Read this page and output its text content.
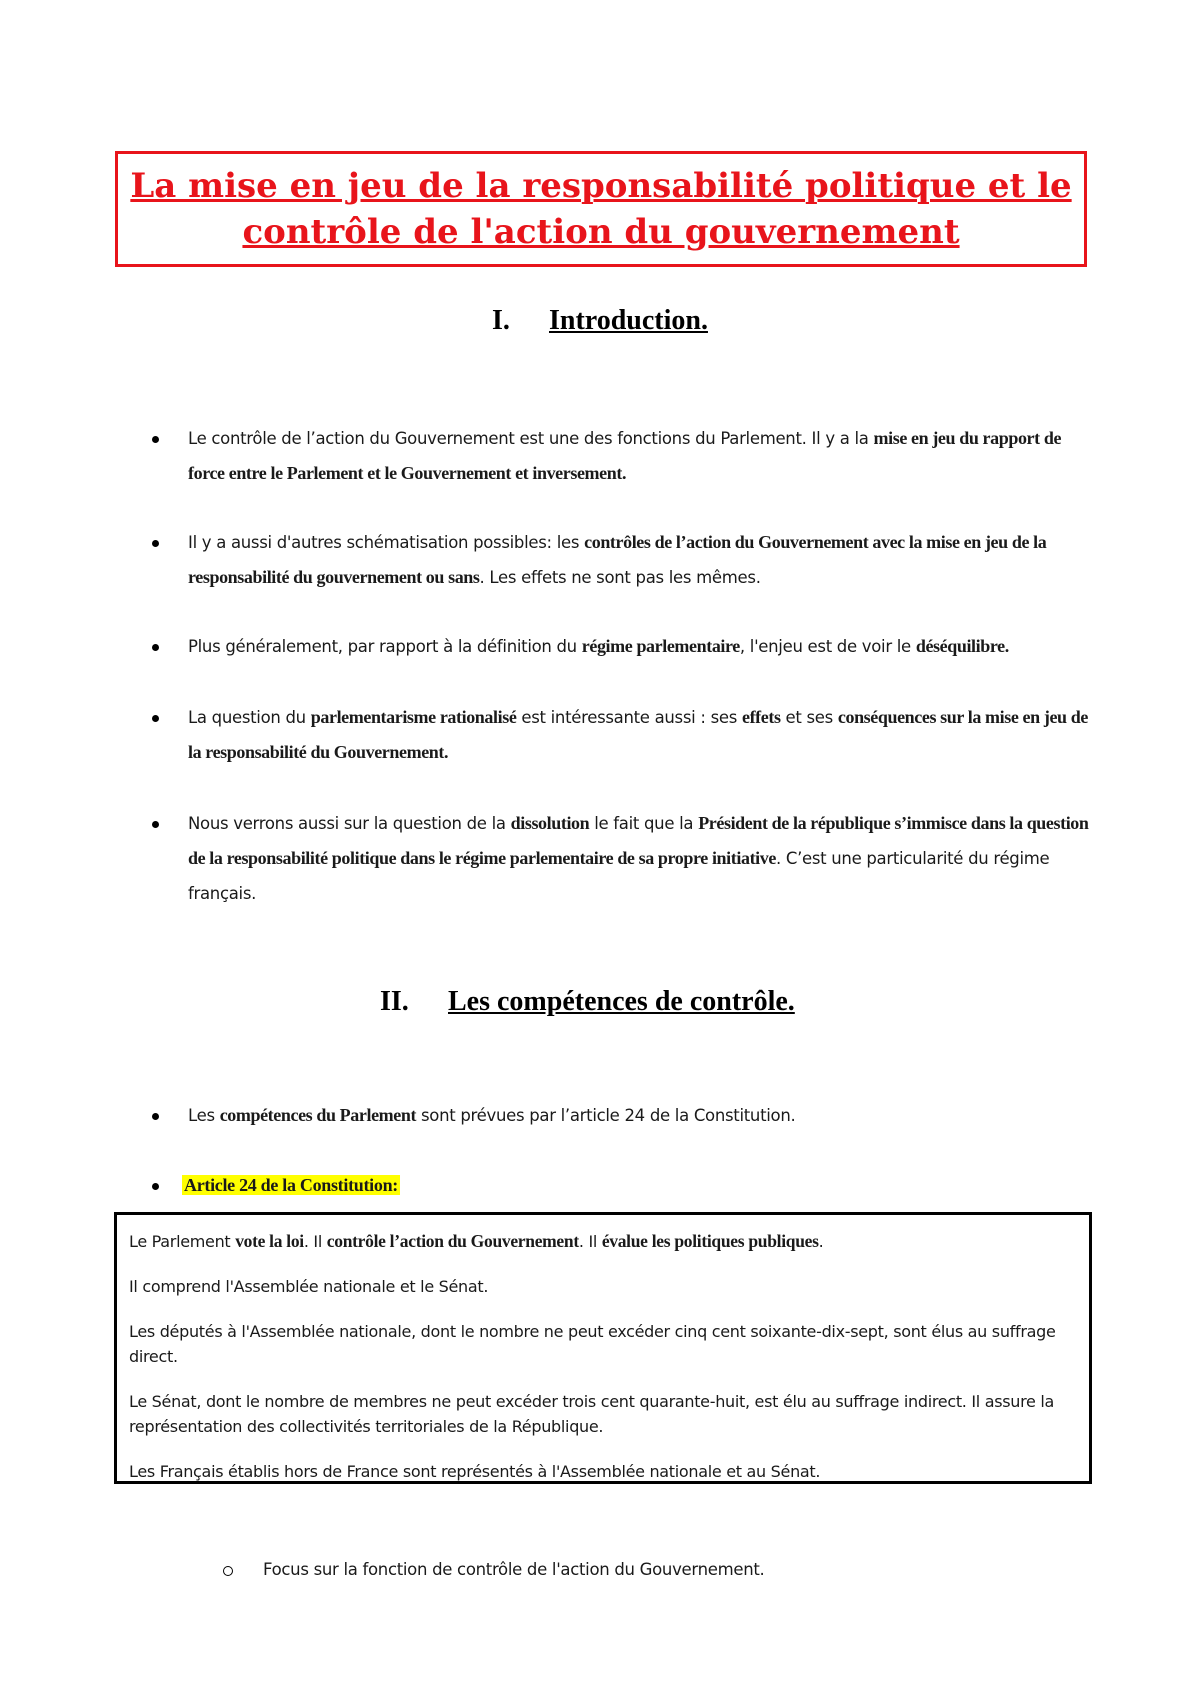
La mise en jeu de la responsabilité politique et le
contrôle de l'action du gouvernement
I.	Introduction.
Le contrôle de l’action du Gouvernement est une des fonctions du Parlement. Il y a la mise en jeu du rapport de force entre le Parlement et le Gouvernement et inversement.
Il y a aussi d'autres schématisation possibles: les contrôles de l’action du Gouvernement avec la mise en jeu de la responsabilité du gouvernement ou sans. Les effets ne sont pas les mêmes.
Plus généralement, par rapport à la définition du régime parlementaire, l'enjeu est de voir le déséquilibre.
La question du parlementarisme rationalisé est intéressante aussi : ses effets et ses conséquences sur la mise en jeu de la responsabilité du Gouvernement.
Nous verrons aussi sur la question de la dissolution le fait que la Président de la république s’immisce dans la question de la responsabilité politique dans le régime parlementaire de sa propre initiative. C’est une particularité du régime français.
II.	Les compétences de contrôle.
Les compétences du Parlement sont prévues par l’article 24 de la Constitution.
Article 24 de la Constitution:

Le Parlement vote la loi. Il contrôle l’action du Gouvernement. Il évalue les politiques publiques.

Il comprend l'Assemblée nationale et le Sénat.

Les députés à l'Assemblée nationale, dont le nombre ne peut excéder cinq cent soixante-dix-sept, sont élus au suffrage direct.

Le Sénat, dont le nombre de membres ne peut excéder trois cent quarante-huit, est élu au suffrage indirect. Il assure la représentation des collectivités territoriales de la République.

Les Français établis hors de France sont représentés à l'Assemblée nationale et au Sénat.

Focus sur la fonction de contrôle de l'action du Gouvernement.
